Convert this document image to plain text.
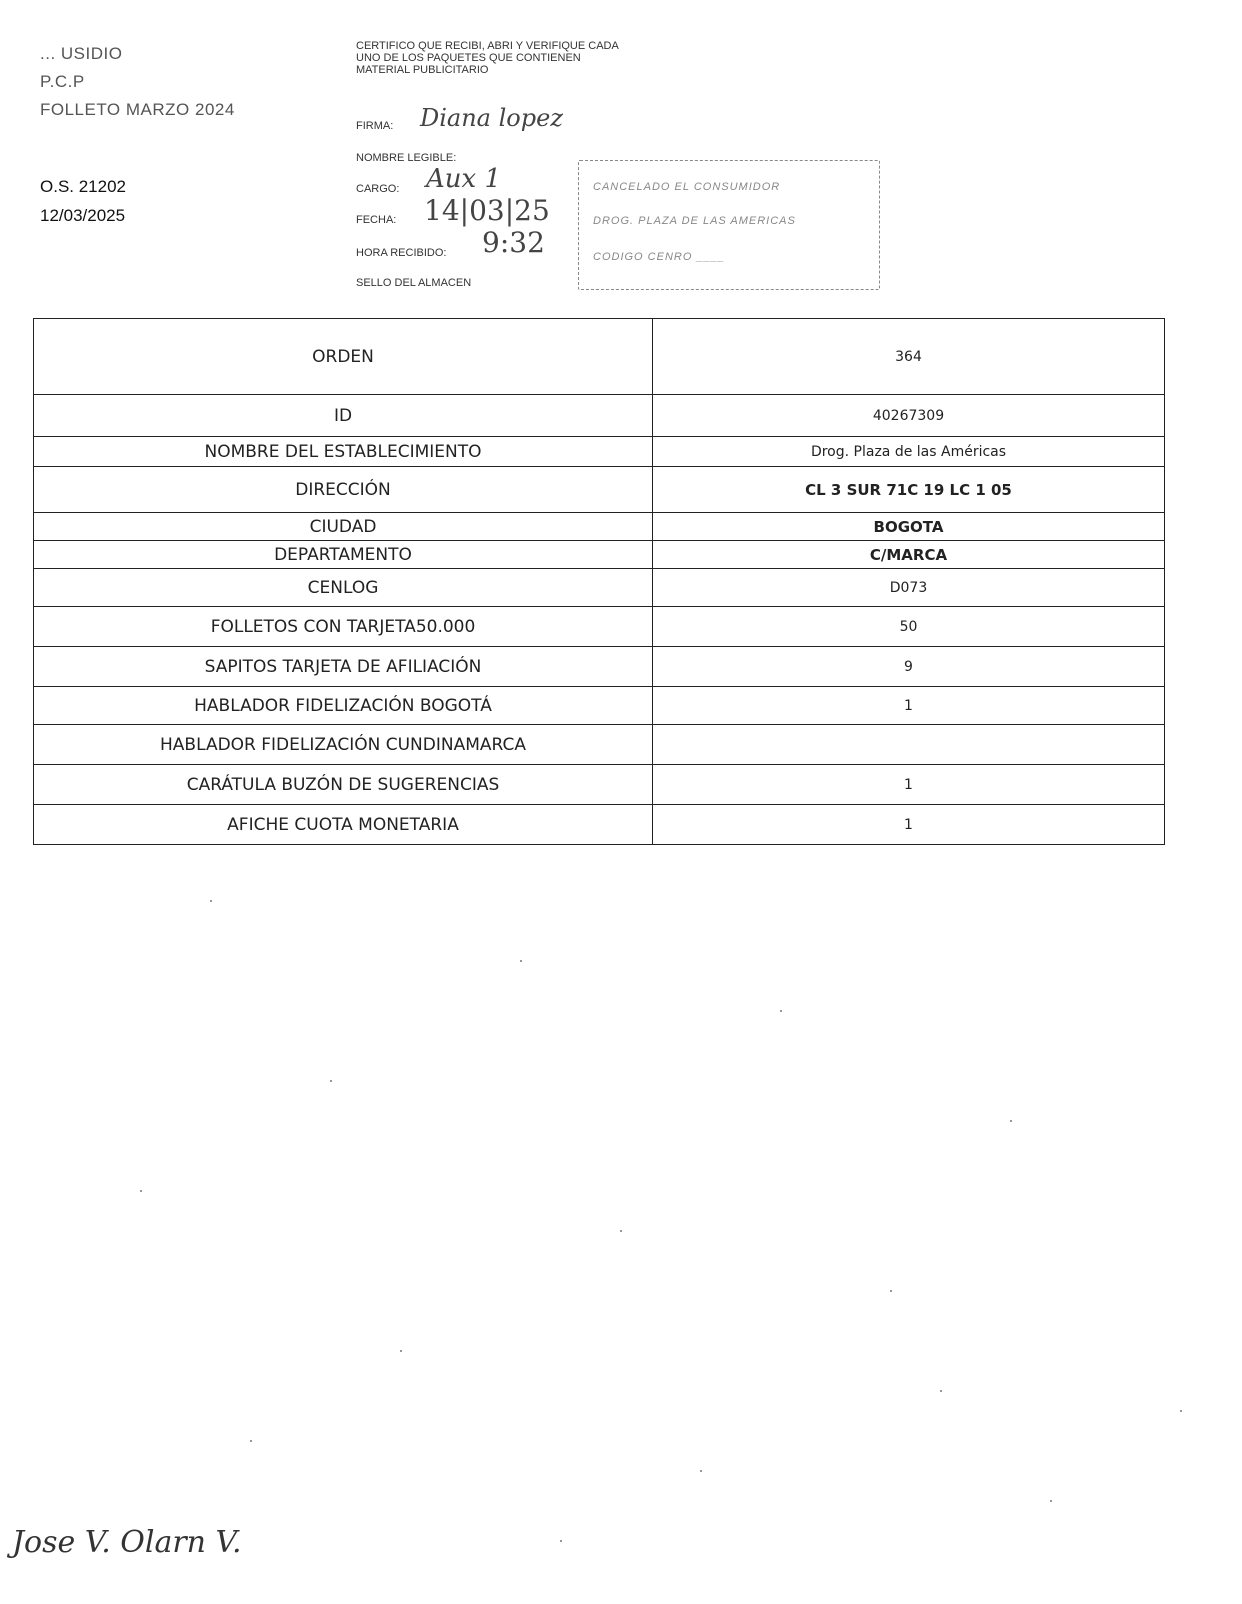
... USIDIO
P.C.P
FOLLETO MARZO 2024
O.S. 21202
12/03/2025
CERTIFICO QUE RECIBI, ABRI Y VERIFIQUE CADA UNO DE LOS PAQUETES QUE CONTIENEN MATERIAL PUBLICITARIO
FIRMA: Diana lopez
NOMBRE LEGIBLE:
CARGO: Aux 1
FECHA: 14|03|25
HORA RECIBIDO: 9:32
SELLO DEL ALMACEN
CANCELADO EL CONSUMIDOR
DROG. PLAZA DE LAS AMERICAS
CODIGO CENRO ____
ORDEN	364
ID	40267309
NOMBRE DEL ESTABLECIMIENTO	Drog. Plaza de las Américas
DIRECCIÓN	CL 3 SUR 71C 19 LC 1 05
CIUDAD	BOGOTA
DEPARTAMENTO	C/MARCA
CENLOG	D073
FOLLETOS CON TARJETA50.000	50
SAPITOS TARJETA DE AFILIACIÓN	9
HABLADOR FIDELIZACIÓN BOGOTÁ	1
HABLADOR FIDELIZACIÓN CUNDINAMARCA	
CARÁTULA BUZÓN DE SUGERENCIAS	1
AFICHE CUOTA MONETARIA	1
Jose V. Olarn V.
